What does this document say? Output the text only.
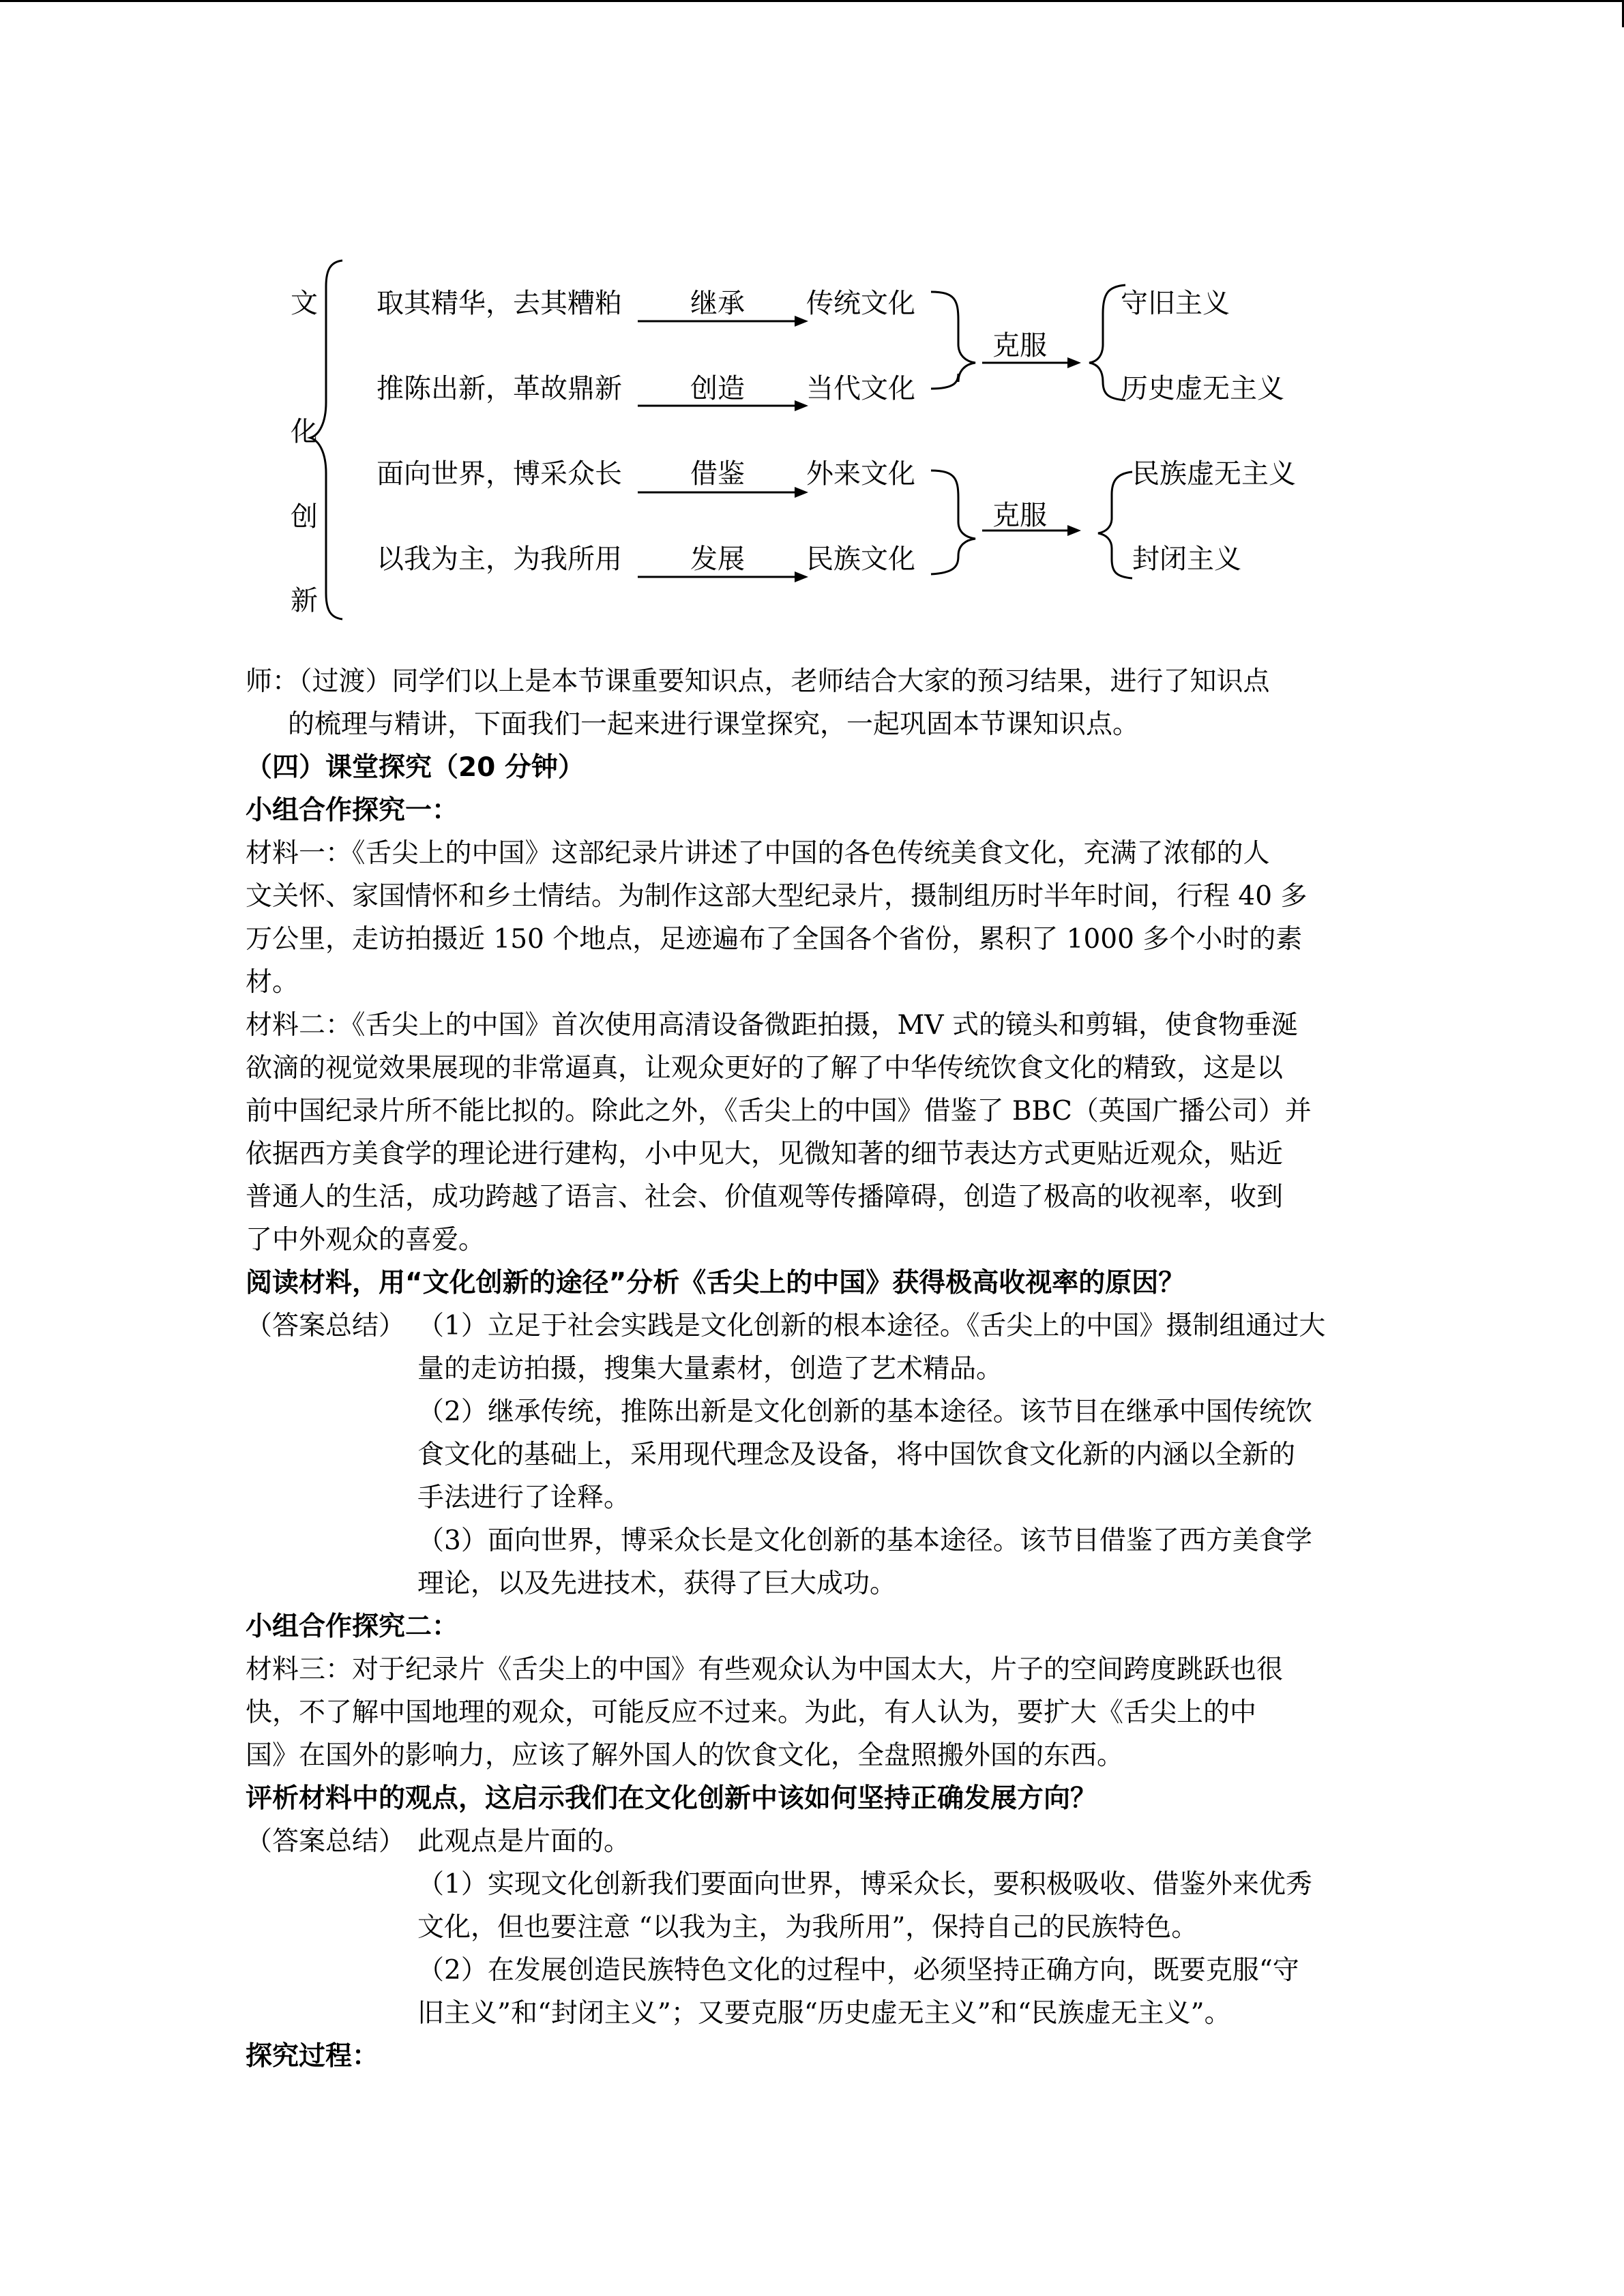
文
化
创
新
取其精华，去其糟粕	继承 传统文化
推陈出新，革故鼎新	创造 当代文化
面向世界，博采众长	借鉴 外来文化
以我为主，为我所用	发展 民族文化
克服
克服
守旧主义
历史虚无主义
民族虚无主义
封闭主义

师：（过渡）同学们以上是本节课重要知识点，老师结合大家的预习结果，进行了知识点

的梳理与精讲，下面我们一起来进行课堂探究，一起巩固本节课知识点。

（四）课堂探究（20 分钟）

小组合作探究一：

材料一：《舌尖上的中国》这部纪录片讲述了中国的各色传统美食文化，充满了浓郁的人

文关怀、家国情怀和乡土情结。为制作这部大型纪录片，摄制组历时半年时间，行程 40 多

万公里，走访拍摄近 150 个地点，足迹遍布了全国各个省份，累积了 1000 多个小时的素

材。

材料二：《舌尖上的中国》首次使用高清设备微距拍摄，MV 式的镜头和剪辑，使食物垂涎

欲滴的视觉效果展现的非常逼真，让观众更好的了解了中华传统饮食文化的精致，这是以

前中国纪录片所不能比拟的。除此之外，《舌尖上的中国》借鉴了 BBC（英国广播公司）并

依据西方美食学的理论进行建构，小中见大，见微知著的细节表达方式更贴近观众，贴近

普通人的生活，成功跨越了语言、社会、价值观等传播障碍，创造了极高的收视率，收到

了中外观众的喜爱。

阅读材料，用“文化创新的途径”分析《舌尖上的中国》获得极高收视率的原因？

（答案总结） （1）立足于社会实践是文化创新的根本途径。《舌尖上的中国》摄制组通过大

量的走访拍摄，搜集大量素材，创造了艺术精品。

（2）继承传统，推陈出新是文化创新的基本途径。该节目在继承中国传统饮

食文化的基础上，采用现代理念及设备，将中国饮食文化新的内涵以全新的

手法进行了诠释。

（3）面向世界，博采众长是文化创新的基本途径。该节目借鉴了西方美食学

理论，以及先进技术，获得了巨大成功。

小组合作探究二：

材料三：对于纪录片《舌尖上的中国》有些观众认为中国太大，片子的空间跨度跳跃也很

快，不了解中国地理的观众，可能反应不过来。为此，有人认为，要扩大《舌尖上的中

国》在国外的影响力，应该了解外国人的饮食文化，全盘照搬外国的东西。

评析材料中的观点，这启示我们在文化创新中该如何坚持正确发展方向？

（答案总结） 此观点是片面的。

（1）实现文化创新我们要面向世界，博采众长，要积极吸收、借鉴外来优秀

文化，但也要注意 “以我为主，为我所用”，保持自己的民族特色。

（2）在发展创造民族特色文化的过程中，必须坚持正确方向，既要克服“守

旧主义”和“封闭主义”；又要克服“历史虚无主义”和“民族虚无主义”。

探究过程：
